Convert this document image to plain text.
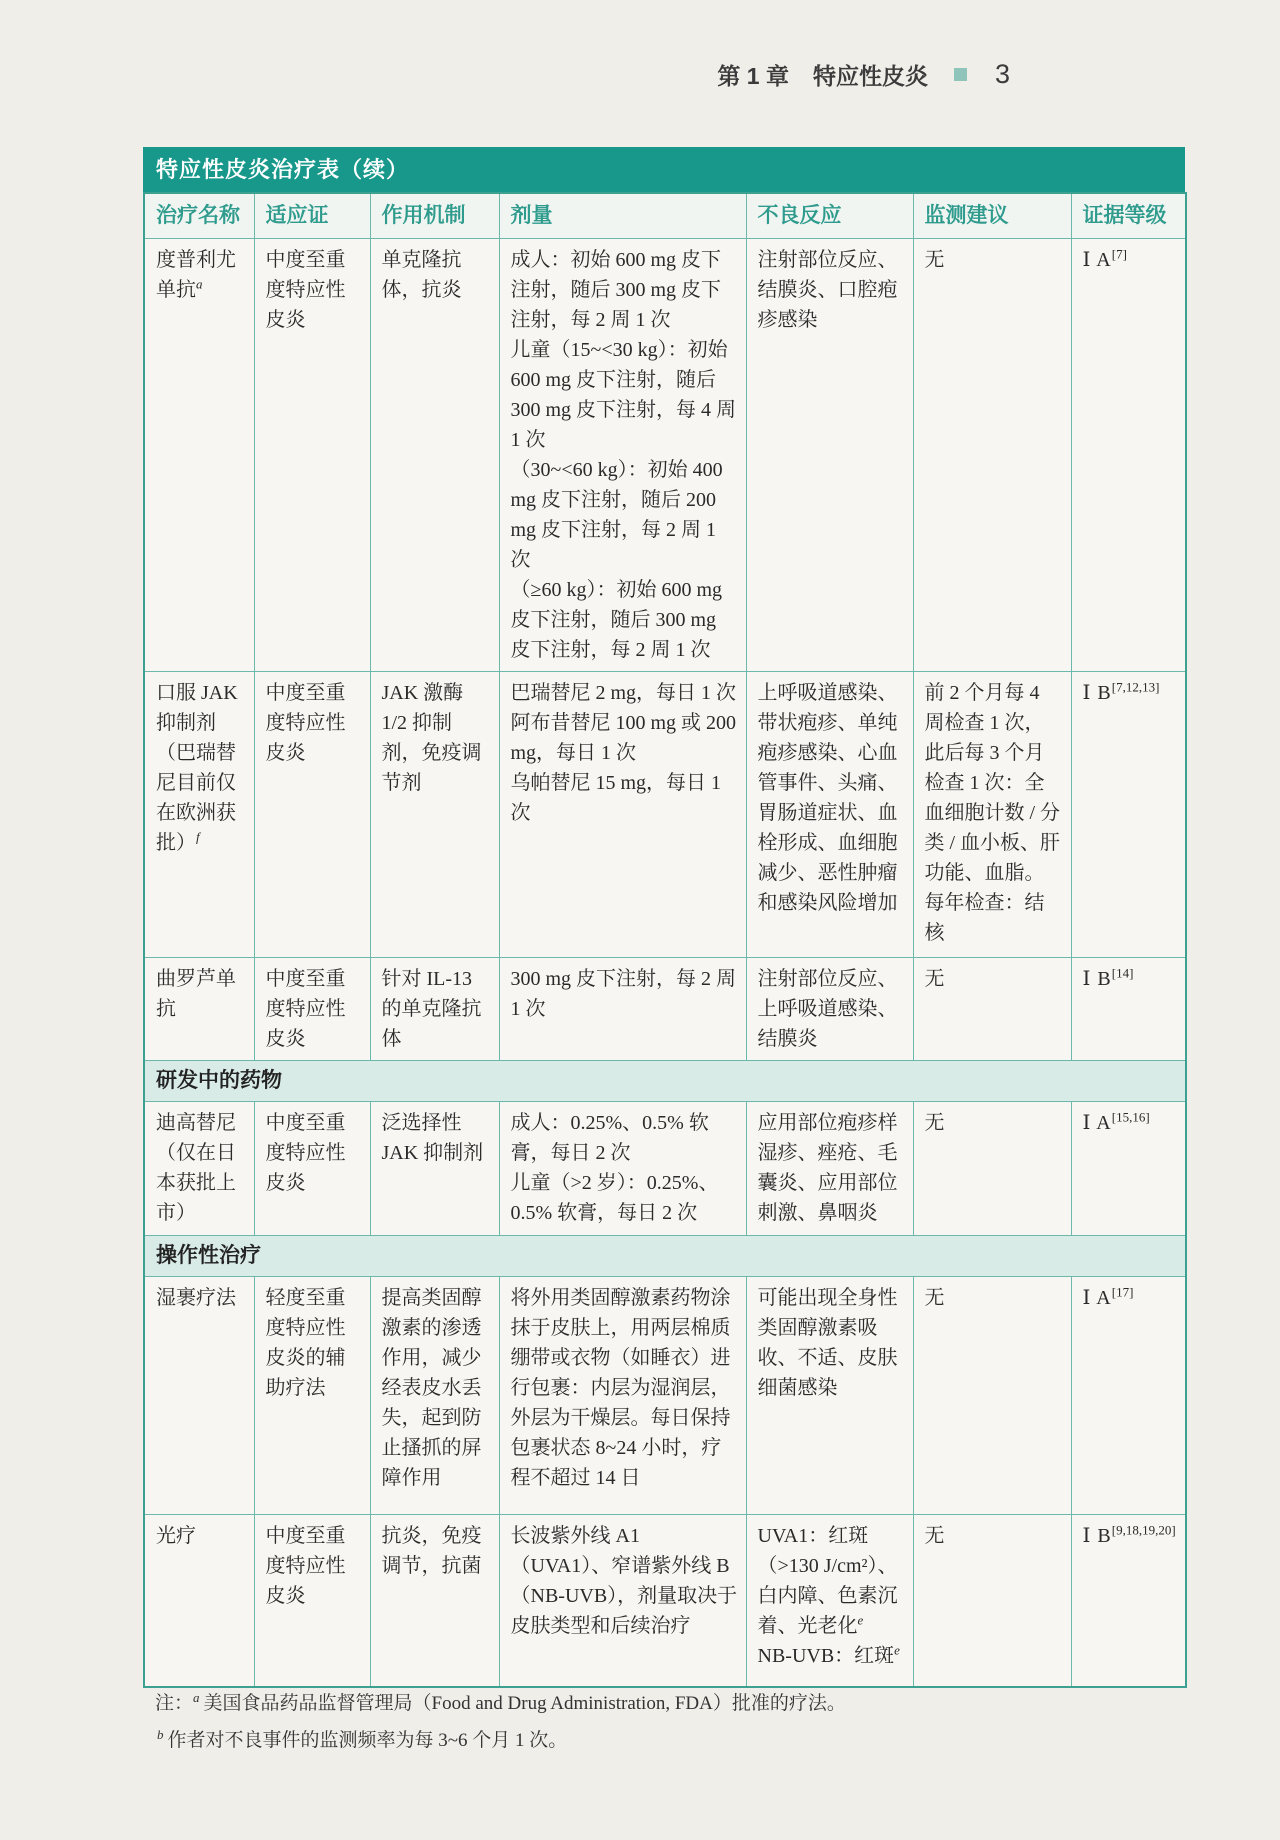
第 1 章 特应性皮炎 3
特应性皮炎治疗表（续）
治疗名称	适应证	作用机制	剂量	不良反应	监测建议	证据等级
度普利尤单抗$^a$	中度至重度特应性皮炎	单克隆抗体，抗炎	成人：初始 600 mg 皮下注射，随后 300 mg 皮下注射，每 2 周 1 次
儿童（15~<30 kg）：初始 600 mg 皮下注射，随后 300 mg 皮下注射，每 4 周 1 次
（30~<60 kg）：初始 400 mg 皮下注射，随后 200 mg 皮下注射，每 2 周 1 次
（≥60 kg）：初始 600 mg 皮下注射，随后 300 mg 皮下注射，每 2 周 1 次	注射部位反应、结膜炎、口腔疱疹感染	无	Ⅰ A[7]
口服 JAK 抑制剂（巴瑞替尼目前仅在欧洲获批）$^f$	中度至重度特应性皮炎	JAK 激酶 1/2 抑制剂，免疫调节剂	巴瑞替尼 2 mg，每日 1 次
阿布昔替尼 100 mg 或 200 mg，每日 1 次
乌帕替尼 15 mg，每日 1 次	上呼吸道感染、带状疱疹、单纯疱疹感染、心血管事件、头痛、胃肠道症状、血栓形成、血细胞减少、恶性肿瘤和感染风险增加	前 2 个月每 4 周检查 1 次，此后每 3 个月检查 1 次：全血细胞计数 / 分类 / 血小板、肝功能、血脂。每年检查：结核	Ⅰ B[7,12,13]
曲罗芦单抗	中度至重度特应性皮炎	针对 IL-13 的单克隆抗体	300 mg 皮下注射，每 2 周 1 次	注射部位反应、上呼吸道感染、结膜炎	无	Ⅰ B[14]
研发中的药物						
迪高替尼（仅在日本获批上市）	中度至重度特应性皮炎	泛选择性 JAK 抑制剂	成人：0.25%、0.5% 软膏，每日 2 次
儿童（>2 岁）：0.25%、0.5% 软膏，每日 2 次	应用部位疱疹样湿疹、痤疮、毛囊炎、应用部位刺激、鼻咽炎	无	Ⅰ A[15,16]
操作性治疗						
湿裹疗法	轻度至重度特应性皮炎的辅助疗法	提高类固醇激素的渗透作用，减少经表皮水丢失，起到防止搔抓的屏障作用	将外用类固醇激素药物涂抹于皮肤上，用两层棉质绷带或衣物（如睡衣）进行包裹：内层为湿润层，外层为干燥层。每日保持包裹状态 8~24 小时，疗程不超过 14 日	可能出现全身性类固醇激素吸收、不适、皮肤细菌感染	无	Ⅰ A[17]
光疗	中度至重度特应性皮炎	抗炎，免疫调节，抗菌	长波紫外线 A1（UVA1）、窄谱紫外线 B（NB-UVB），剂量取决于皮肤类型和后续治疗	UVA1：红斑（>130 J/cm²）、白内障、色素沉着、光老化$^e$
NB-UVB：红斑$^e$	无	Ⅰ B[9,18,19,20]
注：$^a$ 美国食品药品监督管理局（Food and Drug Administration, FDA）批准的疗法。
$^b$ 作者对不良事件的监测频率为每 3~6 个月 1 次。
